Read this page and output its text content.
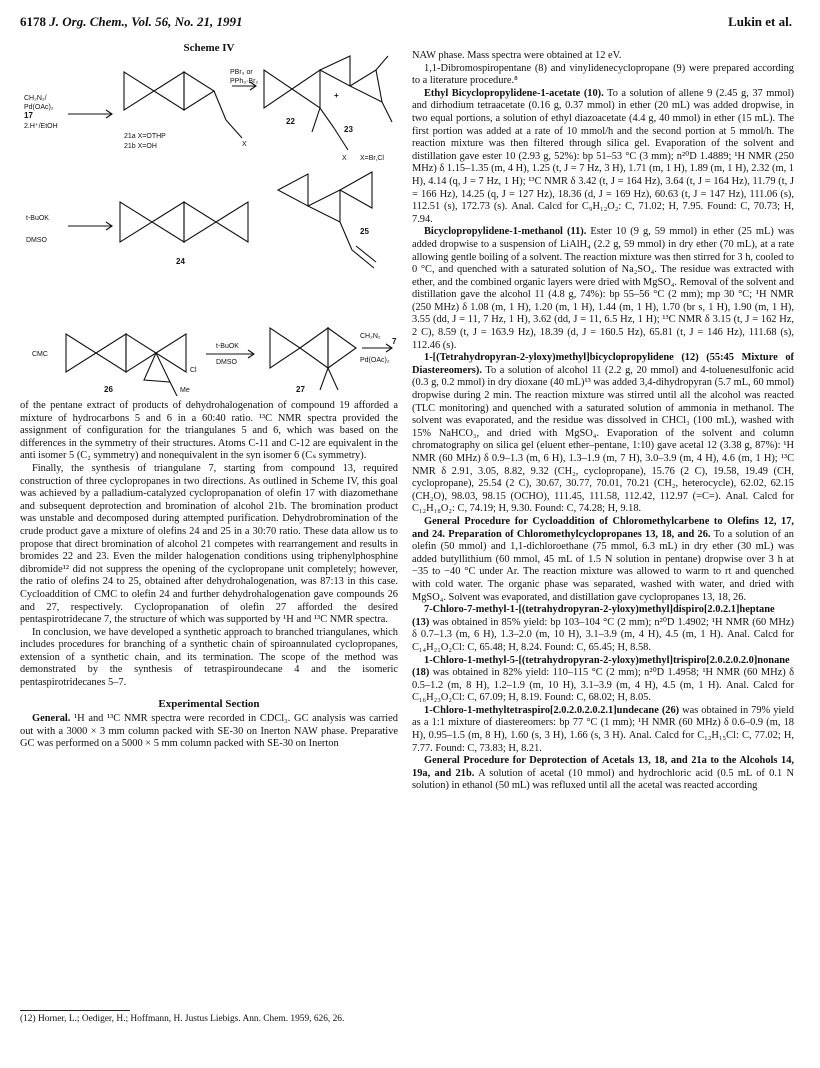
6178 J. Org. Chem., Vol. 56, No. 21, 1991	Lukin et al.
Scheme IV
CH₂N₂/
Pd(OAc)₂
17
2.H⁺/EtOH
PBr₃ or
PPh₃·Br₂
21a X=OTHP
21b X=OH	X
22
+
23
X X=Br,Cl
t-BuOK
DMSO
24
25
CMC
t-BuOK
DMSO
Cl
Me
26	27
CH₂N₂
Pd(OAc)₂
7

of the pentane extract of products of dehydrohalogenation of compound 19 afforded a mixture of hydrocarbons 5 and 6 in a 60:40 ratio. ¹³C NMR spectra provided the assignment of configuration for the triangulanes 5 and 6, which was based on the differences in the symmetry of their structures. Atoms C-11 and C-12 are equivalent in the anti isomer 5 (C₂ symmetry) and nonequivalent in the syn isomer 6 (Cₛ symmetry).

Finally, the synthesis of triangulane 7, starting from compound 13, required construction of three cyclopropanes in two directions. As outlined in Scheme IV, this goal was achieved by a palladium-catalyzed cyclopropanation of olefin 17 with diazomethane and subsequent deprotection and bromination of alcohol 21b. The bromination product was unstable and decomposed during attempted purification. Dehydrobromination of the crude product gave a mixture of olefins 24 and 25 in a 30:70 ratio. These data allow us to propose that direct bromination of alcohol 21 competes with rearrangement and results in bromides 22 and 23. Even the milder halogenation conditions using triphenylphosphine dibromide¹² did not suppress the opening of the cyclopropane unit completely; however, the ratio of olefins 24 to 25, obtained after dehydrohalogenation, was 87:13 in this case. Cycloaddition of CMC to olefin 24 and further dehydrohalogenation gave compounds 26 and 27, respectively. Cyclopropanation of olefin 27 afforded the desired pentaspirotridecane 7, the structure of which was supported by ¹H and ¹³C NMR spectra.

In conclusion, we have developed a synthetic approach to branched triangulanes, which includes procedures for branching of a synthetic chain of spiroannulated cyclopropanes, extension of a synthetic chain, and its termination. The scope of the method was demonstrated by the synthesis of tetraspiroundecane 4 and the isomeric pentaspirotridecanes 5–7.

Experimental Section

General. ¹H and ¹³C NMR spectra were recorded in CDCl₃. GC analysis was carried out with a 3000 × 3 mm column packed with SE-30 on Inerton NAW phase. Preparative GC was performed on a 5000 × 5 mm column packed with SE-30 on Inerton

NAW phase. Mass spectra were obtained at 12 eV.

1,1-Dibromospiropentane (8) and vinylidenecyclopropane (9) were prepared according to a literature procedure.⁸

Ethyl Bicyclopropylidene-1-acetate (10). To a solution of allene 9 (2.45 g, 37 mmol) and dirhodium tetraacetate (0.16 g, 0.37 mmol) in ether (20 mL) was added dropwise, in two equal portions, a solution of ethyl diazoacetate (4.4 g, 40 mmol) in ether (15 mL). The first portion was added at a rate of 10 mmol/h and the second portion at 5 mmol/h. The reaction mixture was then filtered through silica gel. Evaporation of the solvent and distillation gave ester 10 (2.93 g, 52%): bp 51–53 °C (3 mm); n²⁰D 1.4889; ¹H NMR (250 MHz) δ 1.15–1.35 (m, 4 H), 1.25 (t, J = 7 Hz, 3 H), 1.71 (m, 1 H), 1.89 (m, 1 H), 2.32 (m, 1 H), 4.14 (q, J = 7 Hz, 1 H); ¹³C NMR δ 3.42 (t, J = 164 Hz), 3.64 (t, J = 164 Hz), 11.79 (t, J = 166 Hz), 14.25 (q, J = 127 Hz), 18.36 (d, J = 169 Hz), 60.63 (t, J = 147 Hz), 111.06 (s), 112.51 (s), 172.73 (s). Anal. Calcd for C₉H₁₂O₂: C, 71.02; H, 7.95. Found: C, 70.73; H, 7.94.

Bicyclopropylidene-1-methanol (11). Ester 10 (9 g, 59 mmol) in ether (25 mL) was added dropwise to a suspension of LiAlH₄ (2.2 g, 59 mmol) in dry ether (70 mL), at a rate allowing gentle boiling of a solvent. The reaction mixture was then stirred for 3 h, cooled to 0 °C, and quenched with a saturated solution of Na₂SO₄. The residue was extracted with ether, and the combined organic layers were dried with MgSO₄. Removal of the solvent and distillation gave the alcohol 11 (4.8 g, 74%): bp 55–56 °C (2 mm); mp 30 °C; ¹H NMR (250 MHz) δ 1.08 (m, 1 H), 1.20 (m, 1 H), 1.44 (m, 1 H), 1.70 (br s, 1 H), 1.90 (m, 1 H), 3.55 (dd, J = 11, 7 Hz, 1 H), 3.62 (dd, J = 11, 6.5 Hz, 1 H); ¹³C NMR δ 3.15 (t, J = 162 Hz, 2 C), 8.59 (t, J = 163.9 Hz), 18.39 (d, J = 160.5 Hz), 65.81 (t, J = 146 Hz), 111.68 (s), 112.46 (s).

1-[(Tetrahydropyran-2-yloxy)methyl]bicyclopropylidene (12) (55:45 Mixture of Diastereomers). To a solution of alcohol 11 (2.2 g, 20 mmol) and 4-toluenesulfonic acid (0.3 g, 0.2 mmol) in dry dioxane (40 mL)¹³ was added 3,4-dihydropyran (5.7 mL, 60 mmol) dropwise during 2 min. The reaction mixture was stirred until all the alcohol was reacted (TLC monitoring) and quenched with a saturated solution of ammonia in methanol. The solvent was evaporated, and the residue was dissolved in CHCl₃ (100 mL), washed with 15% NaHCO₃, and dried with MgSO₄. Evaporation of the solvent and column chromatography on silica gel (eluent ether–pentane, 1:10) gave acetal 12 (3.38 g, 87%): ¹H NMR (60 MHz) δ 0.9–1.3 (m, 6 H), 1.3–1.9 (m, 7 H), 3.0–3.9 (m, 4 H), 4.6 (m, 1 H); ¹³C NMR δ 2.91, 3.05, 8.82, 9.32 (CH₂, cyclopropane), 15.76 (2 C), 19.58, 19.49 (CH, cyclopropane), 25.54 (2 C), 30.67, 30.77, 70.01, 70.21 (CH₂, heterocycle), 62.02, 62.15 (CH₂O), 98.03, 98.15 (OCHO), 111.45, 111.58, 112.42, 112.97 (=C=). Anal. Calcd for C₁₂H₁₈O₂: C, 74.19; H, 9.30. Found: C, 74.28; H, 9.18.

General Procedure for Cycloaddition of Chloromethylcarbene to Olefins 12, 17, and 24. Preparation of Chloromethylcyclopropanes 13, 18, and 26. To a solution of an olefin (50 mmol) and 1,1-dichloroethane (75 mmol, 6.3 mL) in dry ether (30 mL) was added butyllithium (60 mmol, 45 mL of 1.5 N solution in pentane) dropwise over 3 h at −35 to −40 °C under Ar. The reaction mixture was allowed to warm to rt and quenched with cold water. The organic phase was separated, washed with water, and dried with MgSO₄. Solvent was evaporated, and distillation gave cyclopropanes 13, 18, 26.

7-Chloro-7-methyl-1-[(tetrahydropyran-2-yloxy)methyl]dispiro[2.0.2.1]heptane (13) was obtained in 85% yield: bp 103–104 °C (2 mm); n²⁰D 1.4902; ¹H NMR (60 MHz) δ 0.7–1.3 (m, 6 H), 1.3–2.0 (m, 10 H), 3.1–3.9 (m, 4 H), 4.5 (m, 1 H). Anal. Calcd for C₁₄H₂₁O₂Cl: C, 65.48; H, 8.24. Found: C, 65.45; H, 8.58.

1-Chloro-1-methyl-5-[(tetrahydropyran-2-yloxy)methyl]trispiro[2.0.2.0.2.0]nonane (18) was obtained in 82% yield: 110–115 °C (2 mm); n²⁰D 1.4958; ¹H NMR (60 MHz) δ 0.5–1.2 (m, 8 H), 1.2–1.9 (m, 10 H), 3.1–3.9 (m, 4 H), 4.5 (m, 1 H). Anal. Calcd for C₁₆H₂₃O₂Cl: C, 67.09; H, 8.19. Found: C, 68.02; H, 8.05.

1-Chloro-1-methyltetraspiro[2.0.2.0.2.0.2.1]undecane (26) was obtained in 79% yield as a 1:1 mixture of diastereomers: bp 77 °C (1 mm); ¹H NMR (60 MHz) δ 0.6–0.9 (m, 18 H), 0.95–1.5 (m, 8 H), 1.60 (s, 3 H), 1.66 (s, 3 H). Anal. Calcd for C₁₂H₁₅Cl: C, 77.02; H, 7.77. Found: C, 73.83; H, 8.21.

General Procedure for Deprotection of Acetals 13, 18, and 21a to the Alcohols 14, 19a, and 21b. A solution of acetal (10 mmol) and hydrochloric acid (0.5 mL of 0.1 N solution) in ethanol (50 mL) was refluxed until all the acetal was reacted according

(12) Horner, L.; Oediger, H.; Hoffmann, H. Justus Liebigs. Ann. Chem. 1959, 626, 26.
